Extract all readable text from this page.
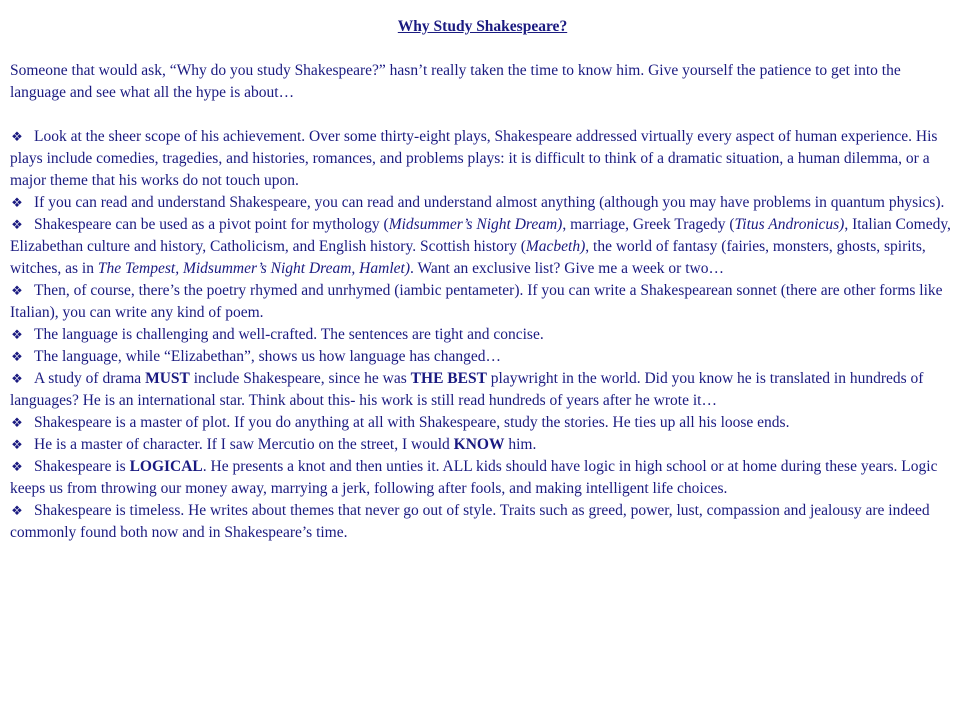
Why Study Shakespeare?

Someone that would ask, “Why do you study Shakespeare?” hasn’t really taken the time to know him. Give yourself the patience to get into the language and see what all the hype is about…

❖ Look at the sheer scope of his achievement. Over some thirty-eight plays, Shakespeare addressed virtually every aspect of human experience. His plays include comedies, tragedies, and histories, romances, and problems plays: it is difficult to think of a dramatic situation, a human dilemma, or a major theme that his works do not touch upon.
❖ If you can read and understand Shakespeare, you can read and understand almost anything (although you may have problems in quantum physics).
❖ Shakespeare can be used as a pivot point for mythology (Midsummer’s Night Dream), marriage, Greek Tragedy (Titus Andronicus), Italian Comedy, Elizabethan culture and history, Catholicism, and English history. Scottish history (Macbeth), the world of fantasy (fairies, monsters, ghosts, spirits, witches, as in The Tempest, Midsummer’s Night Dream, Hamlet). Want an exclusive list? Give me a week or two…
❖ Then, of course, there’s the poetry rhymed and unrhymed (iambic pentameter). If you can write a Shakespearean sonnet (there are other forms like Italian), you can write any kind of poem.
❖ The language is challenging and well-crafted. The sentences are tight and concise.
❖ The language, while “Elizabethan”, shows us how language has changed…
❖ A study of drama MUST include Shakespeare, since he was THE BEST playwright in the world. Did you know he is translated in hundreds of languages? He is an international star. Think about this- his work is still read hundreds of years after he wrote it…
❖ Shakespeare is a master of plot. If you do anything at all with Shakespeare, study the stories. He ties up all his loose ends.
❖ He is a master of character. If I saw Mercutio on the street, I would KNOW him.
❖ Shakespeare is LOGICAL. He presents a knot and then unties it. ALL kids should have logic in high school or at home during these years. Logic keeps us from throwing our money away, marrying a jerk, following after fools, and making intelligent life choices.
❖ Shakespeare is timeless. He writes about themes that never go out of style. Traits such as greed, power, lust, compassion and jealousy are indeed commonly found both now and in Shakespeare’s time.
